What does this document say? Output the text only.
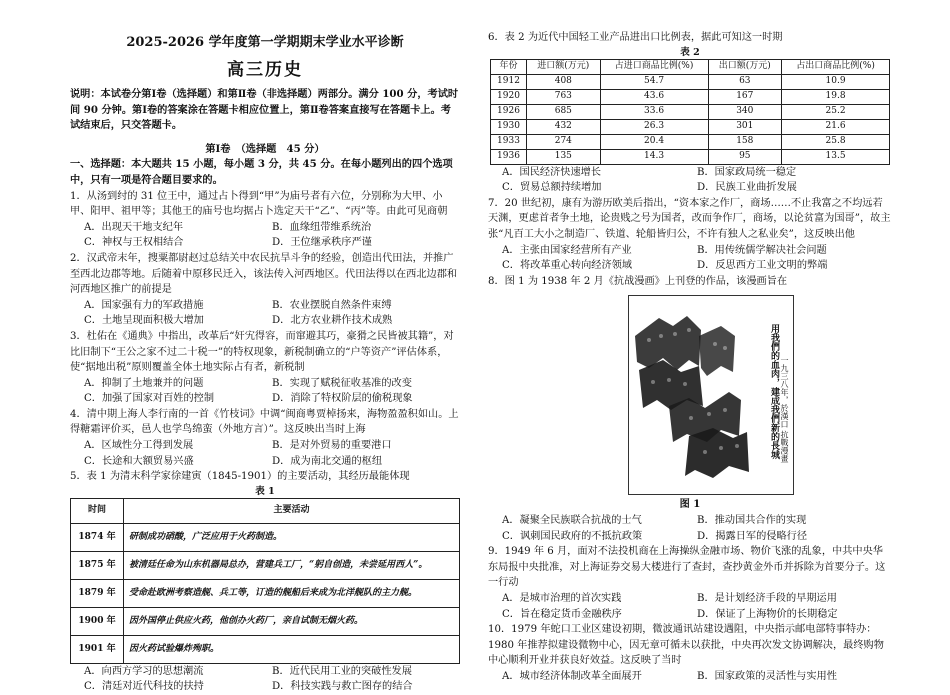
2025-2026 学年度第一学期期末学业水平诊断
高三历史
说明：本试卷分第Ⅰ卷（选择题）和第Ⅱ卷（非选择题）两部分。满分 100 分，考试时间 90 分钟。第Ⅰ卷的答案涂在答题卡相应位置上，第Ⅱ卷答案直接写在答题卡上。考试结束后，只交答题卡。
第Ⅰ卷　（选择题　45 分）
一、选择题：本大题共 15 小题，每小题 3 分，共 45 分。在每小题列出的四个选项中，只有一项是符合题目要求的。
1．从汤到纣的 31 位王中，通过占卜得到“甲”为庙号者有六位，分别称为大甲、小甲、阳甲、祖甲等；其他王的庙号也均据占卜选定天干“乙”、“丙”等。由此可见商朝
A．出现天干地支纪年	B．血缘纽带维系统治
C．神权与王权相结合	D．王位继承秩序严谨
2．汉武帝末年，搜粟都尉赵过总结关中农民抗旱斗争的经验，创造出代田法，并推广至西北边郡等地。后随着中原移民迁入，该法传入河西地区。代田法得以在西北边郡和河西地区推广的前提是
A．国家强有力的军政措施	B．农业摆脱自然条件束缚
C．土地呈现面积极大增加	D．北方农业耕作技术成熟
3．杜佑在《通典》中指出，改革后“奸宄得容，而窜避其巧，豪猾之民皆被其籍”，对比旧制下“王公之家不过二十税一”的特权现象，新税制确立的“户等资产”评估体系，使“据地出税”原则覆盖全体土地实际占有者，新税制
A．抑制了土地兼并的问题	B．实现了赋税征收基准的改变
C．加强了国家对百姓的控制	D．消除了特权阶层的偷税现象
4．清中期上海人李行南的一首《竹枝词》中调“闽商粤贾棹扬来，海物盈盈积如山。上得糖霜评价买，邑人也学鸟绵蛮（外地方言）”。这反映出当时上海
A．区域性分工得到发展	B．是对外贸易的重要港口
C．长途和大额贸易兴盛	D．成为南北交通的枢纽
5．表 1 为清末科学家徐建寅（1845-1901）的主要活动，其经历最能体现
表 1
时间	主要活动
1874 年	研制成功硝酸，广泛应用于火药制造。
1875 年	被清廷任命为山东机器局总办，营建兵工厂，“躬自创造，未尝延用西人”。
1879 年	受命赴欧洲考察造舰、兵工等，订造的舰船后来成为北洋舰队的主力舰。
1900 年	因外国停止供应火药，他创办火药厂，亲自试制无烟火药。
1901 年	因火药试验爆炸殉职。
A．向西方学习的思想潮流	B．近代民用工业的突破性发展
C．清廷对近代科技的扶持	D．科技实践与救亡图存的结合
6．表 2 为近代中国轻工业产品进出口比例表，据此可知这一时期
表 2
年份	进口额(万元)	占进口商品比例(%)	出口额(万元)	占出口商品比例(%)
1912	408	54.7	63	10.9
1920	763	43.6	167	19.8
1926	685	33.6	340	25.2
1930	432	26.3	301	21.6
1933	274	20.4	158	25.8
1936	135	14.3	95	13.5
A．国民经济快速增长	B．国家政局统一稳定
C．贸易总额持续增加	D．民族工业曲折发展
7．20 世纪初，康有为游历欧美后指出，“资本家之作厂，商场……不止我富之不均远若天渊，更虑首者争土地，论贵贱之号为国者，改而争作厂，商场，以论贫富为国哥”，故主张“凡百工大小之制造厂、铁道、轮船皆归公，不许有独人之私业矣”，这反映出他
A．主张由国家经营所有产业	B．用传统儒学解决社会问题
C．将改革重心转向经济领域	D．反思西方工业文明的弊端
8．图 1 为 1938 年 2 月《抗战漫画》上刊登的作品，该漫画旨在
用我們的血肉，建成我們新的長城 一九三八年，於漢口 抗戰漫畫
图 1
A．凝聚全民族联合抗战的士气	B．推动国共合作的实现
C．讽刺国民政府的不抵抗政策	D．揭露日军的侵略行径
9．1949 年 6 月，面对不法投机商在上海操纵金融市场、物价飞涨的乱象，中共中央华东局报中央批准，对上海证券交易大楼进行了查封，查抄黄金外币并拆除为首要分子。这一行动
A．是城市治理的首次实践	B．是计划经济手段的早期运用
C．旨在稳定货币金融秩序	D．保证了上海物价的长期稳定
10．1979 年蛇口工业区建设初期，微波通讯站建设遇阻，中央指示邮电部特事特办：1980 年推荐拟建设微物中心，因无章可循未以获批，中央再次发文协调解决，最终购物中心顺利开业并获良好效益。这反映了当时
A．城市经济体制改革全面展开	B．国家政策的灵活性与实用性
